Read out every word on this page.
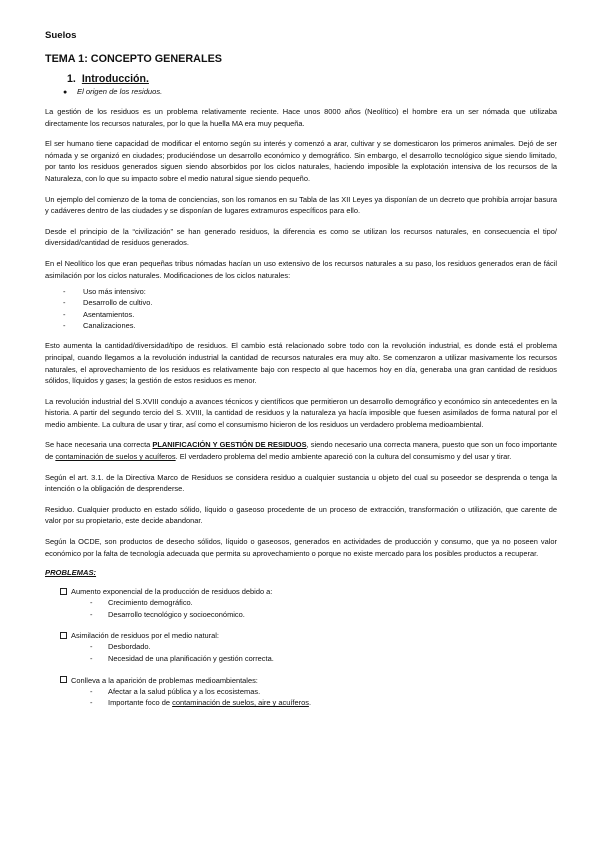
Suelos
TEMA 1: CONCEPTO GENERALES
1. Introducción.
● El origen de los residuos.

La gestión de los residuos es un problema relativamente reciente. Hace unos 8000 años (Neolítico) el hombre era un ser nómada que utilizaba directamente los recursos naturales, por lo que la huella MA era muy pequeña.

El ser humano tiene capacidad de modificar el entorno según su interés y comenzó a arar, cultivar y se domesticaron los primeros animales. Dejó de ser nómada y se organizó en ciudades; produciéndose un desarrollo económico y demográfico. Sin embargo, el desarrollo tecnológico sigue siendo limitado, por tanto los residuos generados siguen siendo absorbidos por los ciclos naturales, haciendo imposible la explotación intensiva de los recursos de la Naturaleza, con lo que su impacto sobre el medio natural sigue siendo pequeño.

Un ejemplo del comienzo de la toma de conciencias, son los romanos en su Tabla de las XII Leyes ya disponían de un decreto que prohibía arrojar basura y cadáveres dentro de las ciudades y se disponían de lugares extramuros específicos para ello.

Desde el principio de la “civilización” se han generado residuos, la diferencia es como se utilizan los recursos naturales, en consecuencia el tipo/ diversidad/cantidad de residuos generados.

En el Neolítico los que eran pequeñas tribus nómadas hacían un uso extensivo de los recursos naturales a su paso, los residuos generados eran de fácil asimilación por los ciclos naturales. Modificaciones de los ciclos naturales:

- Uso más intensivo:
- Desarrollo de cultivo.
- Asentamientos.
- Canalizaciones.

Esto aumenta la cantidad/diversidad/tipo de residuos. El cambio está relacionado sobre todo con la revolución industrial, es donde está el problema principal, cuando llegamos a la revolución industrial la cantidad de recursos naturales era muy alto. Se comenzaron a utilizar masivamente los recursos naturales, el aprovechamiento de los residuos es relativamente bajo con respecto al que hacemos hoy en día, generaba una gran cantidad de residuos sólidos, líquidos y gases; la gestión de estos residuos es menor.

La revolución industrial del S.XVIII condujo a avances técnicos y científicos que permitieron un desarrollo demográfico y económico sin antecedentes en la historia. A partir del segundo tercio del S. XVIII, la cantidad de residuos y la naturaleza ya hacía imposible que fuesen asimilados de forma natural por el medio ambiente. La cultura de usar y tirar, así como el consumismo hicieron de los residuos un verdadero problema medioambiental.

Se hace necesaria una correcta PLANIFICACIÓN Y GESTIÓN DE RESIDUOS, siendo necesario una correcta manera, puesto que son un foco importante de contaminación de suelos y acuíferos. El verdadero problema del medio ambiente apareció con la cultura del consumismo y del usar y tirar.

Según el art. 3.1. de la Directiva Marco de Residuos se considera residuo a cualquier sustancia u objeto del cual su poseedor se desprenda o tenga la intención o la obligación de desprenderse.

Residuo. Cualquier producto en estado sólido, líquido o gaseoso procedente de un proceso de extracción, transformación o utilización, que carente de valor por su propietario, este decide abandonar.

Según la OCDE, son productos de desecho sólidos, líquido o gaseosos, generados en actividades de producción y consumo, que ya no poseen valor económico por la falta de tecnología adecuada que permita su aprovechamiento o porque no existe mercado para los posibles productos a recuperar.

PROBLEMAS:
Aumento exponencial de la producción de residuos debido a:
- Crecimiento demográfico.
- Desarrollo tecnológico y socioeconómico.
Asimilación de residuos por el medio natural:
- Desbordado.
- Necesidad de una planificación y gestión correcta.
Conlleva a la aparición de problemas medioambientales:
- Afectar a la salud pública y a los ecosistemas.
- Importante foco de contaminación de suelos, aire y acuíferos.
